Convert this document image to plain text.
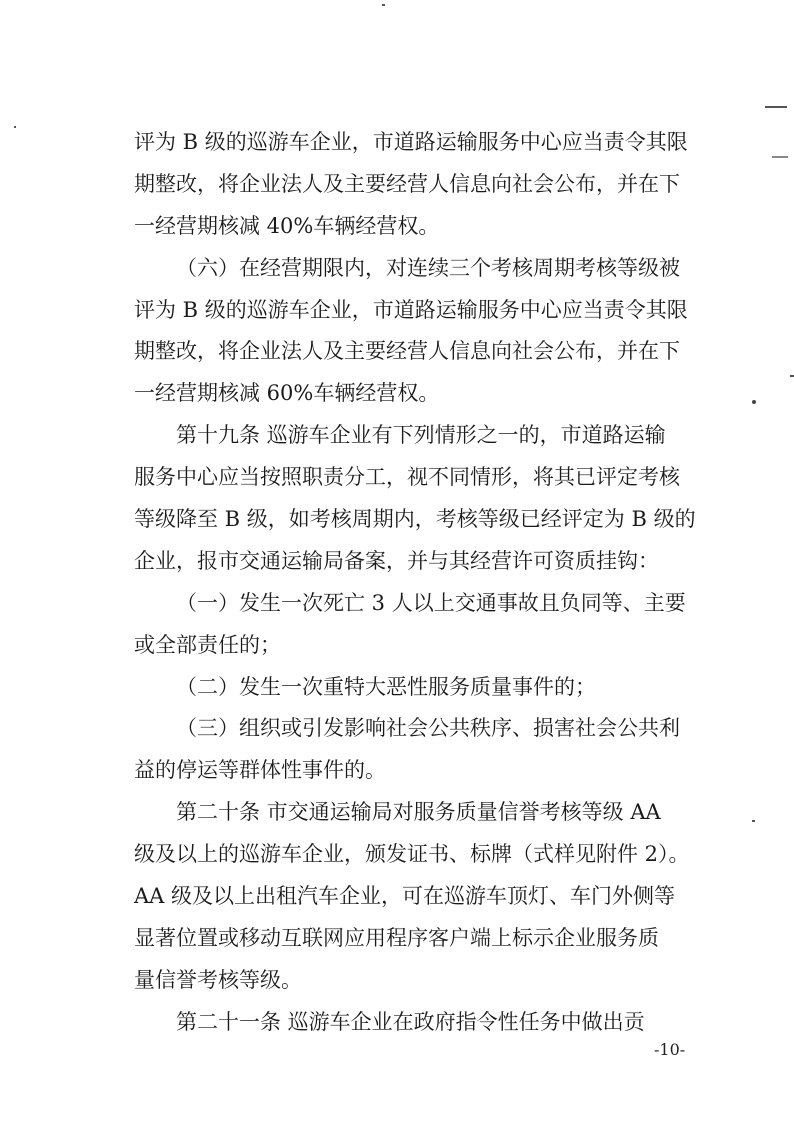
评为 B 级的巡游车企业，市道路运输服务中心应当责令其限
期整改，将企业法人及主要经营人信息向社会公布，并在下
一经营期核减 40%车辆经营权。
（六）在经营期限内，对连续三个考核周期考核等级被
评为 B 级的巡游车企业，市道路运输服务中心应当责令其限
期整改，将企业法人及主要经营人信息向社会公布，并在下
一经营期核减 60%车辆经营权。
第十九条 巡游车企业有下列情形之一的，市道路运输
服务中心应当按照职责分工，视不同情形，将其已评定考核
等级降至 B 级，如考核周期内，考核等级已经评定为 B 级的
企业，报市交通运输局备案，并与其经营许可资质挂钩：
（一）发生一次死亡 3 人以上交通事故且负同等、主要
或全部责任的；
（二）发生一次重特大恶性服务质量事件的；
（三）组织或引发影响社会公共秩序、损害社会公共利
益的停运等群体性事件的。
第二十条 市交通运输局对服务质量信誉考核等级 AA
级及以上的巡游车企业，颁发证书、标牌（式样见附件 2）。
AA 级及以上出租汽车企业，可在巡游车顶灯、车门外侧等
显著位置或移动互联网应用程序客户端上标示企业服务质
量信誉考核等级。
第二十一条 巡游车企业在政府指令性任务中做出贡
-10-
